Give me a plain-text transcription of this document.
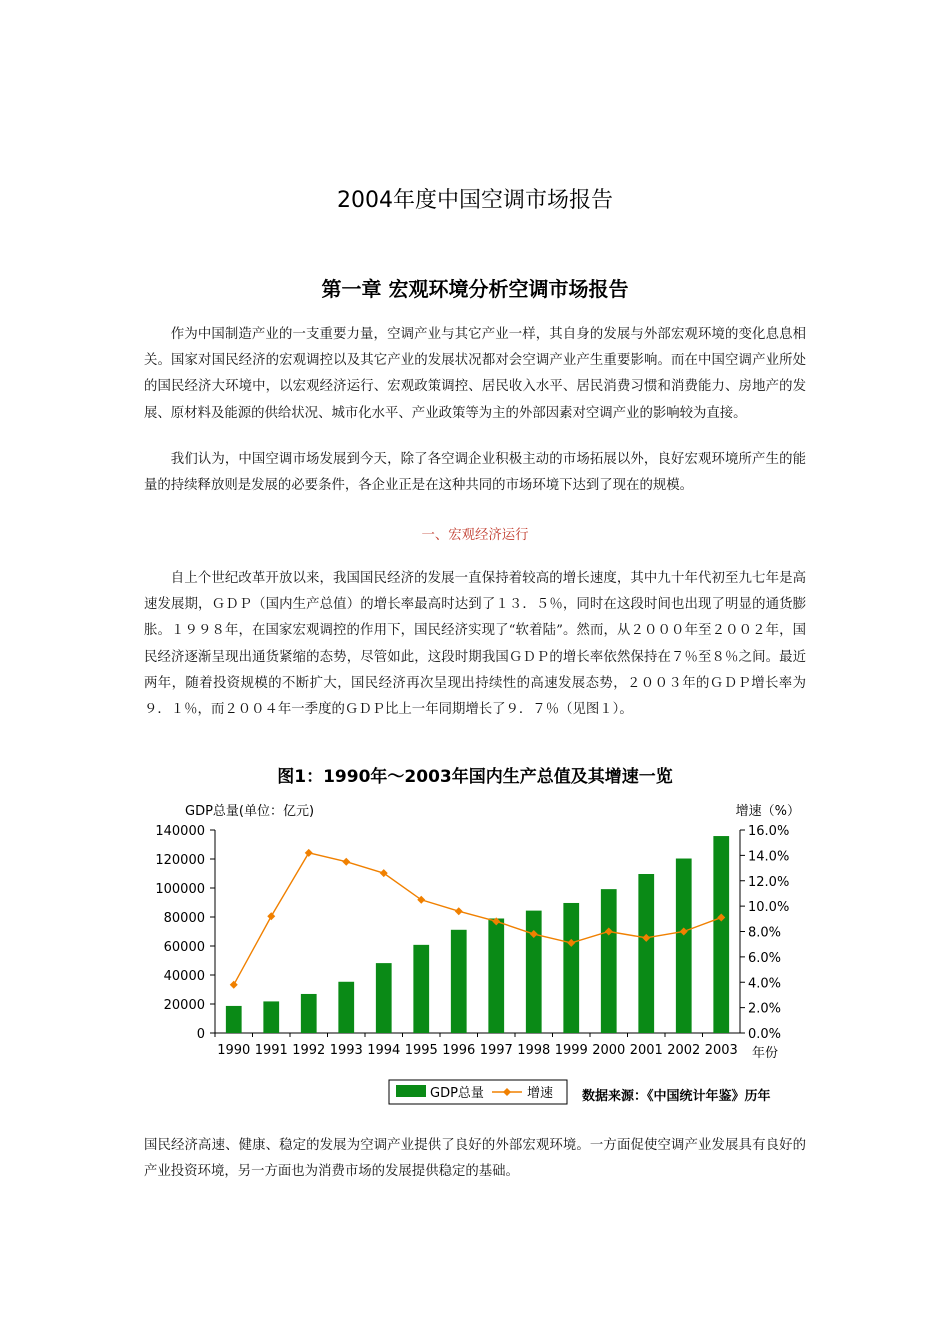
2004年度中国空调市场报告
第一章 宏观环境分析空调市场报告

作为中国制造产业的一支重要力量，空调产业与其它产业一样，其自身的发展与外部宏观环境的变化息息相关。国家对国民经济的宏观调控以及其它产业的发展状况都对会空调产业产生重要影响。而在中国空调产业所处的国民经济大环境中，以宏观经济运行、宏观政策调控、居民收入水平、居民消费习惯和消费能力、房地产的发展、原材料及能源的供给状况、城市化水平、产业政策等为主的外部因素对空调产业的影响较为直接。

我们认为，中国空调市场发展到今天，除了各空调企业积极主动的市场拓展以外，良好宏观环境所产生的能量的持续释放则是发展的必要条件，各企业正是在这种共同的市场环境下达到了现在的规模。

一、宏观经济运行

自上个世纪改革开放以来，我国国民经济的发展一直保持着较高的增长速度，其中九十年代初至九七年是高速发展期，ＧＤＰ（国内生产总值）的增长率最高时达到了１３．５％，同时在这段时间也出现了明显的通货膨胀。１９９８年，在国家宏观调控的作用下，国民经济实现了“软着陆”。然而，从２０００年至２００２年，国民经济逐渐呈现出通货紧缩的态势，尽管如此，这段时期我国ＧＤＰ的增长率依然保持在７％至８％之间。最近两年，随着投资规模的不断扩大，国民经济再次呈现出持续性的高速发展态势，２００３年的ＧＤＰ增长率为９．１％，而２００４年一季度的ＧＤＰ比上一年同期增长了９．７％（见图１）。

图1：1990年～2003年国内生产总值及其增速一览
GDP总量(单位：亿元)	增速（%）
0
20000
40000
60000
80000
100000
120000
140000
0.0%
2.0%
4.0%
6.0%
8.0%
10.0%
12.0%
14.0%
16.0%
1990 1991 1992 1993 1994 1995 1996 1997 1998 1999 2000 2001 2002 2003 年份
GDP总量	增速 数据来源：《中国统计年鉴》历年

国民经济高速、健康、稳定的发展为空调产业提供了良好的外部宏观环境。一方面促使空调产业发展具有良好的产业投资环境，另一方面也为消费市场的发展提供稳定的基础。
